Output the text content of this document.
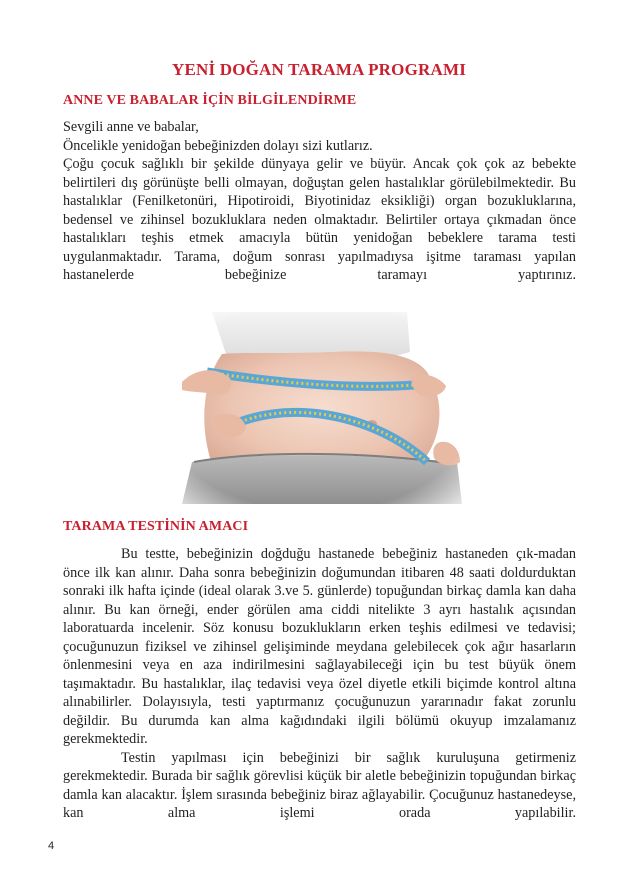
YENİ DOĞAN TARAMA PROGRAMI
ANNE VE BABALAR İÇİN BİLGİLENDİRME

Sevgili anne ve babalar,

Öncelikle yenidoğan bebeğinizden dolayı sizi kutlarız.

Çoğu çocuk sağlıklı bir şekilde dünyaya gelir ve büyür. Ancak çok çok az bebekte belirtileri dış görünüşte belli olmayan, doğuştan gelen hastalıklar görülebilmektedir. Bu hastalıklar (Fenilketonüri, Hipotiroidi, Biyotinidaz eksikliği) organ bozukluklarına, bedensel ve zihinsel bozukluklara neden olmaktadır. Belirtiler ortaya çıkmadan önce hastalıkları teşhis etmek amacıyla bütün yenidoğan bebeklere tarama testi uygulanmaktadır. Tarama, doğum sonrası yapılmadıysa işitme taraması yapılan hastanelerde bebeğinize taramayı yaptırınız.

TARAMA TESTİNİN AMACI

Bu testte, bebeğinizin doğduğu hastanede bebeğiniz hastaneden çık-madan önce ilk kan alınır. Daha sonra bebeğinizin doğumundan itibaren 48 saati doldurduktan sonraki ilk hafta içinde (ideal olarak 3.ve 5. günlerde) topuğundan birkaç damla kan daha alınır. Bu kan örneği, ender görülen ama ciddi nitelikte 3 ayrı hastalık açısından laboratuarda incelenir. Söz konusu bozuklukların erken teşhis edilmesi ve tedavisi; çocuğunuzun fiziksel ve zihinsel gelişiminde meydana gelebilecek çok ağır hasarların önlenmesini veya en aza indirilmesini sağlayabileceği için bu test büyük önem taşımaktadır. Bu hastalıklar, ilaç tedavisi veya özel diyetle etkili biçimde kontrol altına alınabilirler. Dolayısıyla, testi yaptırmanız çocuğunuzun yararınadır fakat zorunlu değildir. Bu durumda kan alma kağıdındaki ilgili bölümü okuyup imzalamanız gerekmektedir.

Testin yapılması için bebeğinizi bir sağlık kuruluşuna getirmeniz gerekmektedir. Burada bir sağlık görevlisi küçük bir aletle bebeğinizin topuğundan birkaç damla kan alacaktır. İşlem sırasında bebeğiniz biraz ağlayabilir. Çocuğunuz hastanedeyse, kan alma işlemi orada yapılabilir.

4
